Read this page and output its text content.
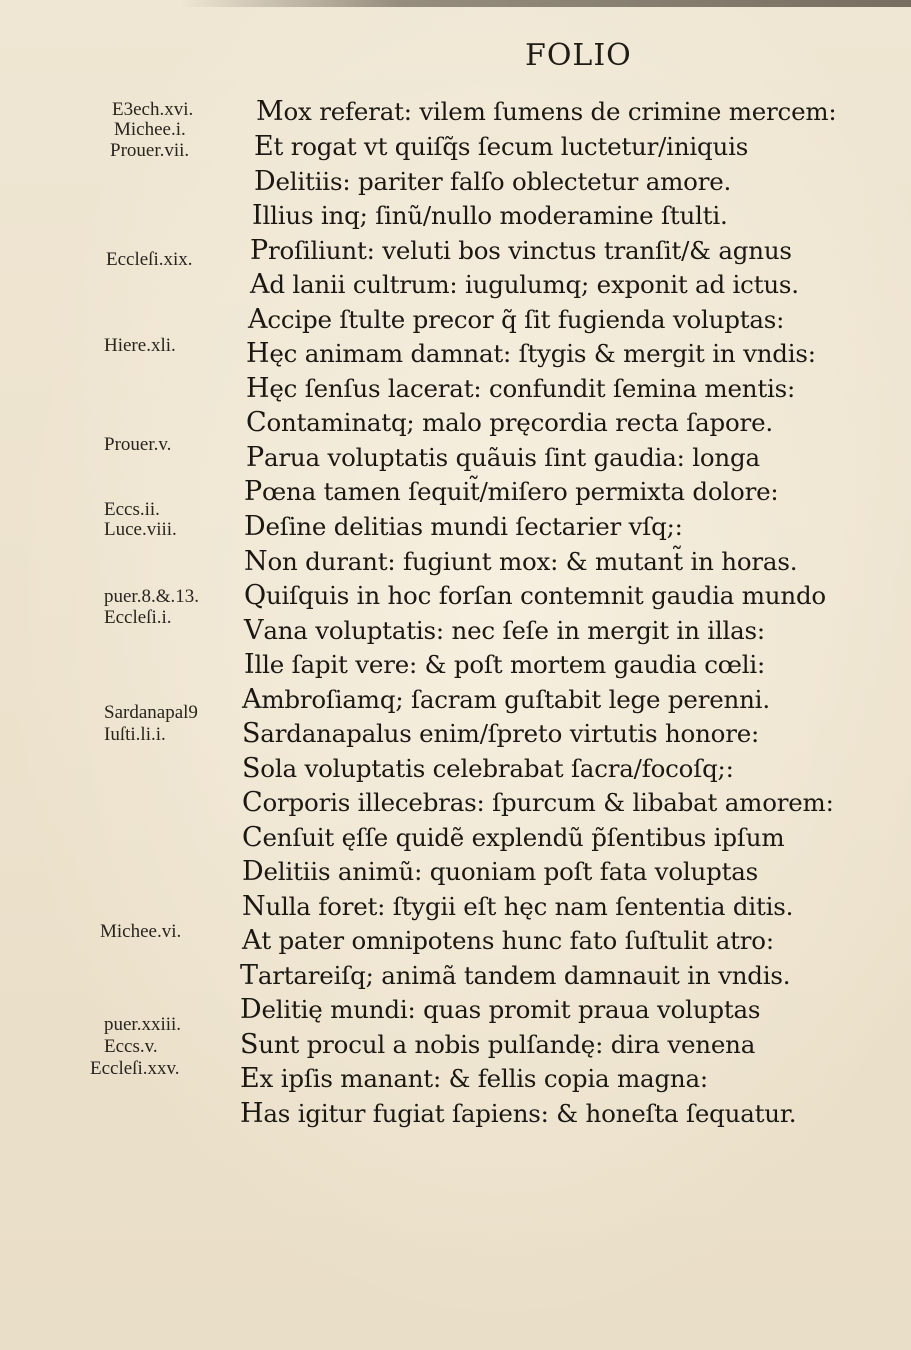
FOLIO
E3ech.xvi.
Michee.i.
Prouer.vii.
Eccleſi.xix.
Hiere.xli.
Prouer.v.
Eccs.ii.
Luce.viii.
puer.8.&.13.
Eccleſi.i.
Sardanapal9
Iuſti.li.i.
Michee.vi.
puer.xxiii.
Eccs.v.
Eccleſi.xxv.
Mox referat: vilem ſumens de crimine mercem:
Et rogat vt quiſq̃s ſecum luctetur/iniquis
Delitiis: pariter falſo oblectetur amore.
Illius inq; ſinũ/nullo moderamine ſtulti.
Proſiliunt: veluti bos vinctus tranſit/& agnus
Ad lanii cultrum: iugulumq; exponit ad ictus.
Accipe ſtulte precor q̃ ſit fugienda voluptas:
Hęc animam damnat: ſtygis & mergit in vndis:
Hęc ſenſus lacerat: confundit ſemina mentis:
Contaminatq; malo pręcordia recta ſapore.
Parua voluptatis quãuis ſint gaudia: longa
Pœna tamen ſequit̃/miſero permixta dolore:
Deſine delitias mundi ſectarier vſq;:
Non durant: fugiunt mox: & mutant̃ in horas.
Quiſquis in hoc forſan contemnit gaudia mundo
Vana voluptatis: nec ſeſe in mergit in illas:
Ille ſapit vere: & poſt mortem gaudia cœli:
Ambroſiamq; ſacram guſtabit lege perenni.
Sardanapalus enim/ſpreto virtutis honore:
Sola voluptatis celebrabat ſacra/focoſq;:
Corporis illecebras: ſpurcum & libabat amorem:
Cenſuit ęſſe quidẽ explendũ p̃ſentibus ipſum
Delitiis animũ: quoniam poſt fata voluptas
Nulla foret: ſtygii eſt hęc nam ſententia ditis.
At pater omnipotens hunc fato ſuſtulit atro:
Tartareiſq; animã tandem damnauit in vndis.
Delitię mundi: quas promit praua voluptas
Sunt procul a nobis pulſandę: dira venena
Ex ipſis manant: & fellis copia magna:
Has igitur fugiat ſapiens: & honeſta ſequatur.
